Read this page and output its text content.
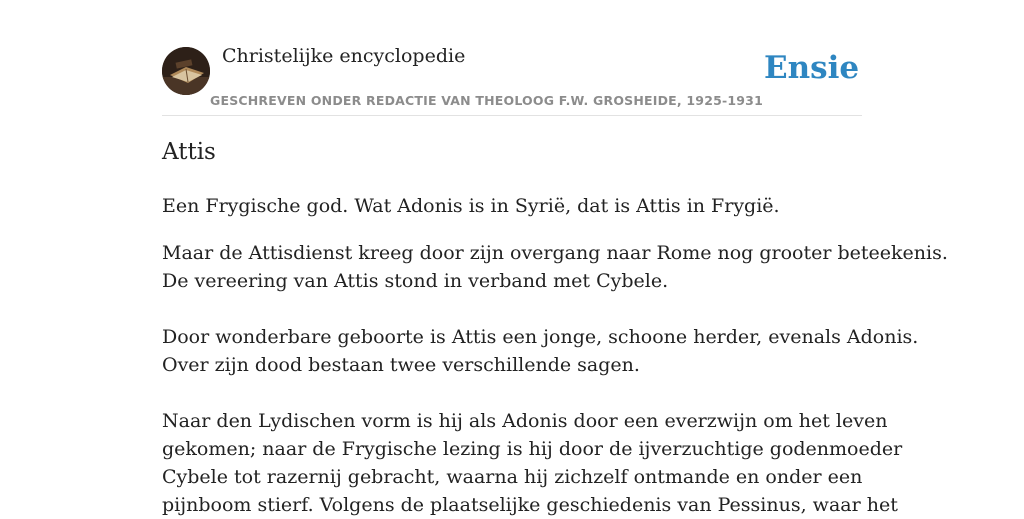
Christelijke encyclopedie	Ensie
GESCHREVEN ONDER REDACTIE VAN THEOLOOG F.W. GROSHEIDE, 1925-1931
Attis

Een Frygische god. Wat Adonis is in Syrië, dat is Attis in Frygië.

Maar de Attisdienst kreeg door zijn overgang naar Rome nog grooter beteekenis.
De vereering van Attis stond in verband met Cybele.
Door wonderbare geboorte is Attis een jonge, schoone herder, evenals Adonis.
Over zijn dood bestaan twee verschillende sagen.
Naar den Lydischen vorm is hij als Adonis door een everzwijn om het leven
gekomen; naar de Frygische lezing is hij door de ijverzuchtige godenmoeder
Cybele tot razernij gebracht, waarna hij zichzelf ontmande en onder een
pijnboom stierf. Volgens de plaatselijke geschiedenis van Pessinus, waar het
